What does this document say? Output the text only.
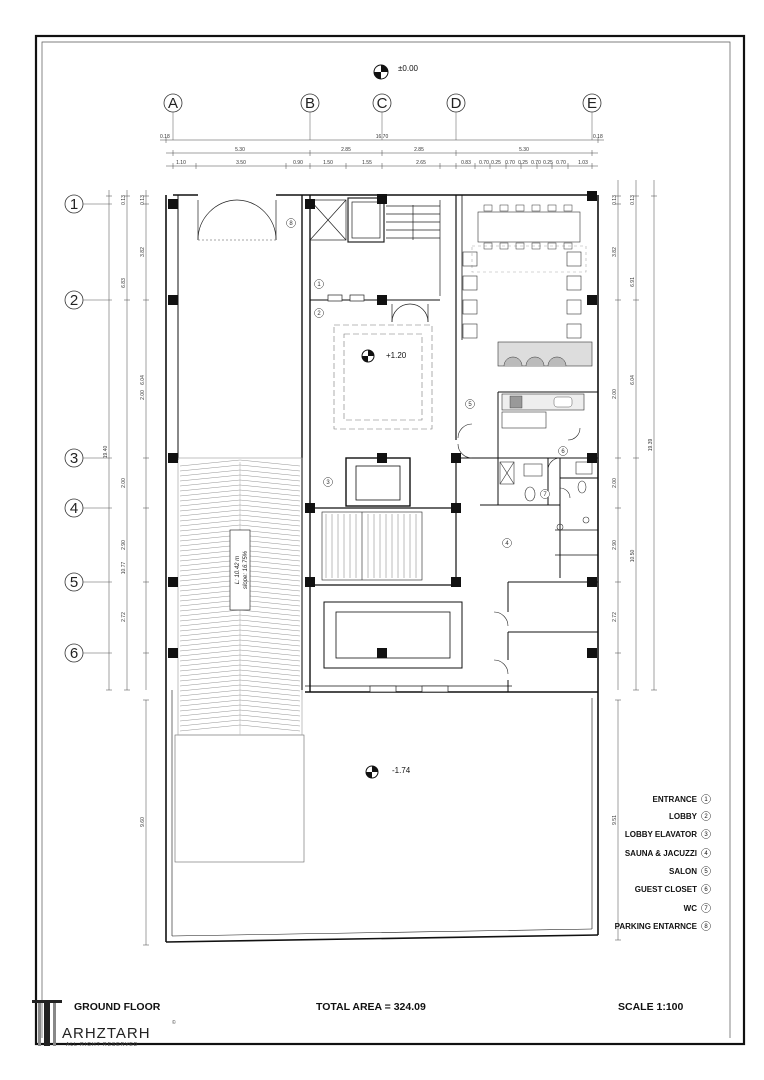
±0.00
A	B	C	D	E
1
2
3
4
5
6
0.18	16.70	0.18
5.30	2.85	2.85	5.30
1.10	3.50	0.90	1.50	1.55	2.65	0.83 0.70 0.25 0.70 0.25 0.70 0.25 0.70 1.03
19.40
0.13
6.83
10.77
0.13
3.82
6.04
2.00
2.00
2.90
2.72
9.60
19.39
0.13
6.91
6.04
10.50
0.13
3.82
2.00
2.00
2.90
2.72
9.51
L: 10.42 m slope: 16.75%
+1.20
-1.74
1
2
3
4
5
6
7
8
ENTRANCE 1
LOBBY 2
LOBBY ELAVATOR 3
SAUNA & JACUZZI 4
SALON 5
GUEST CLOSET 6
WC 7
PARKING ENTARNCE 8
GROUND FLOOR	TOTAL AREA = 324.09	SCALE 1:100
ARHZTARH
©
ALL RIGHT RESERVED
